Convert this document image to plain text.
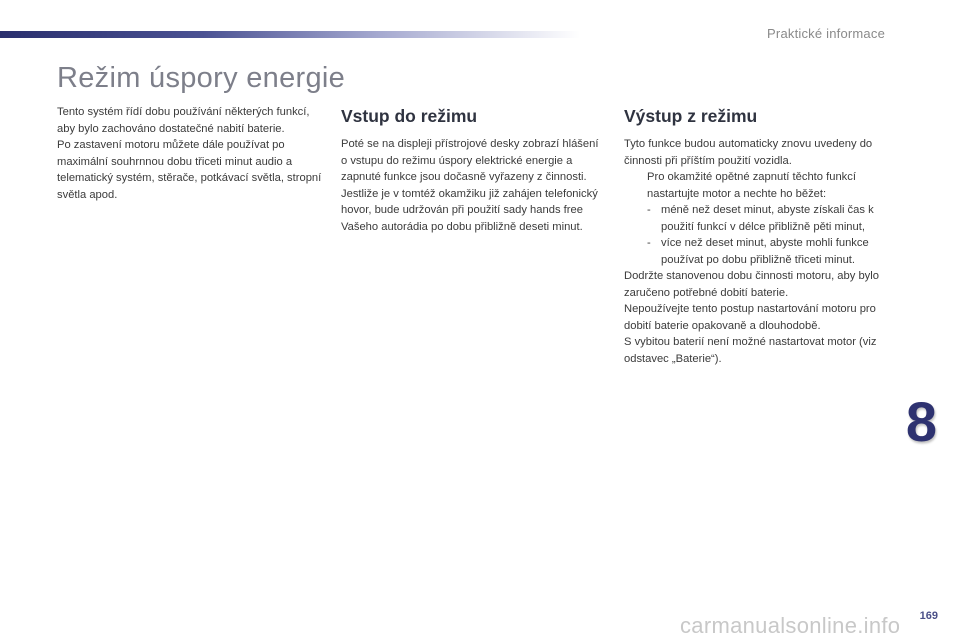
Praktické informace
Režim úspory energie

Tento systém řídí dobu používání některých funkcí, aby bylo zachováno dostatečné nabití baterie.

Po zastavení motoru můžete dále používat po maximální souhrnnou dobu třiceti minut audio a telematický systém, stěrače, potkávací světla, stropní světla apod.

Vstup do režimu

Poté se na displeji přístrojové desky zobrazí hlášení o vstupu do režimu úspory elektrické energie a zapnuté funkce jsou dočasně vyřazeny z činnosti.

Jestliže je v tomtéž okamžiku již zahájen telefonický hovor, bude udržován při použití sady hands free Vašeho autorádia po dobu přibližně deseti minut.

Výstup z režimu

Tyto funkce budou automaticky znovu uvedeny do činnosti při příštím použití vozidla.

Pro okamžité opětné zapnutí těchto funkcí nastartujte motor a nechte ho běžet:
- méně než deset minut, abyste získali čas k použití funkcí v délce přibližně pěti minut,
- více než deset minut, abyste mohli funkce používat po dobu přibližně třiceti minut.

Dodržte stanovenou dobu činnosti motoru, aby bylo zaručeno potřebné dobití baterie.

Nepoužívejte tento postup nastartování motoru pro dobití baterie opakovaně a dlouhodobě.

S vybitou baterií není možné nastartovat motor (viz odstavec „Baterie“).

8
169
carmanualsonline.info
